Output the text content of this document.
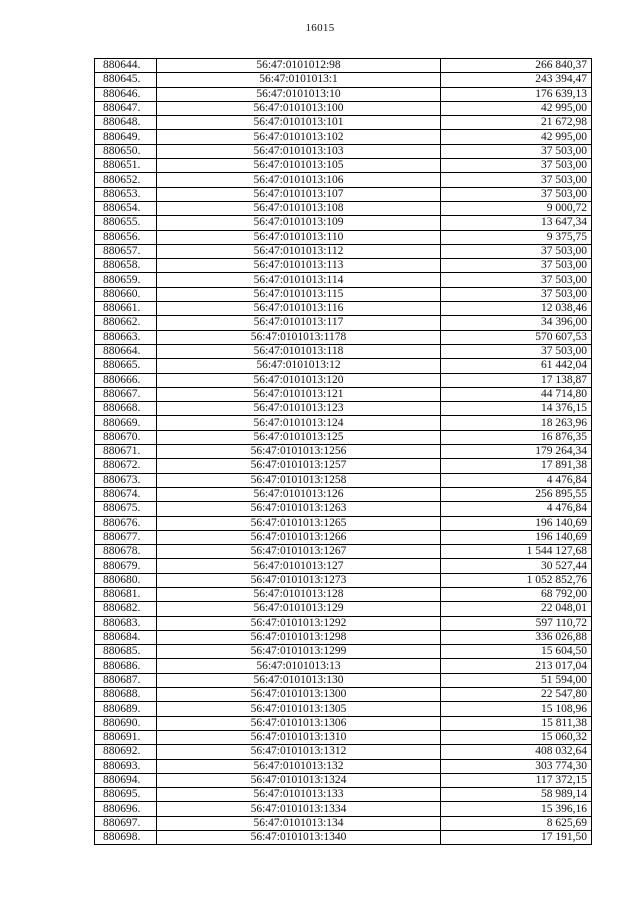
16015
880644.	56:47:0101012:98	266 840,37
880645.	56:47:0101013:1	243 394,47
880646.	56:47:0101013:10	176 639,13
880647.	56:47:0101013:100	42 995,00
880648.	56:47:0101013:101	21 672,98
880649.	56:47:0101013:102	42 995,00
880650.	56:47:0101013:103	37 503,00
880651.	56:47:0101013:105	37 503,00
880652.	56:47:0101013:106	37 503,00
880653.	56:47:0101013:107	37 503,00
880654.	56:47:0101013:108	9 000,72
880655.	56:47:0101013:109	13 647,34
880656.	56:47:0101013:110	9 375,75
880657.	56:47:0101013:112	37 503,00
880658.	56:47:0101013:113	37 503,00
880659.	56:47:0101013:114	37 503,00
880660.	56:47:0101013:115	37 503,00
880661.	56:47:0101013:116	12 038,46
880662.	56:47:0101013:117	34 396,00
880663.	56:47:0101013:1178	570 607,53
880664.	56:47:0101013:118	37 503,00
880665.	56:47:0101013:12	61 442,04
880666.	56:47:0101013:120	17 138,87
880667.	56:47:0101013:121	44 714,80
880668.	56:47:0101013:123	14 376,15
880669.	56:47:0101013:124	18 263,96
880670.	56:47:0101013:125	16 876,35
880671.	56:47:0101013:1256	179 264,34
880672.	56:47:0101013:1257	17 891,38
880673.	56:47:0101013:1258	4 476,84
880674.	56:47:0101013:126	256 895,55
880675.	56:47:0101013:1263	4 476,84
880676.	56:47:0101013:1265	196 140,69
880677.	56:47:0101013:1266	196 140,69
880678.	56:47:0101013:1267	1 544 127,68
880679.	56:47:0101013:127	30 527,44
880680.	56:47:0101013:1273	1 052 852,76
880681.	56:47:0101013:128	68 792,00
880682.	56:47:0101013:129	22 048,01
880683.	56:47:0101013:1292	597 110,72
880684.	56:47:0101013:1298	336 026,88
880685.	56:47:0101013:1299	15 604,50
880686.	56:47:0101013:13	213 017,04
880687.	56:47:0101013:130	51 594,00
880688.	56:47:0101013:1300	22 547,80
880689.	56:47:0101013:1305	15 108,96
880690.	56:47:0101013:1306	15 811,38
880691.	56:47:0101013:1310	15 060,32
880692.	56:47:0101013:1312	408 032,64
880693.	56:47:0101013:132	303 774,30
880694.	56:47:0101013:1324	117 372,15
880695.	56:47:0101013:133	58 989,14
880696.	56:47:0101013:1334	15 396,16
880697.	56:47:0101013:134	8 625,69
880698.	56:47:0101013:1340	17 191,50
